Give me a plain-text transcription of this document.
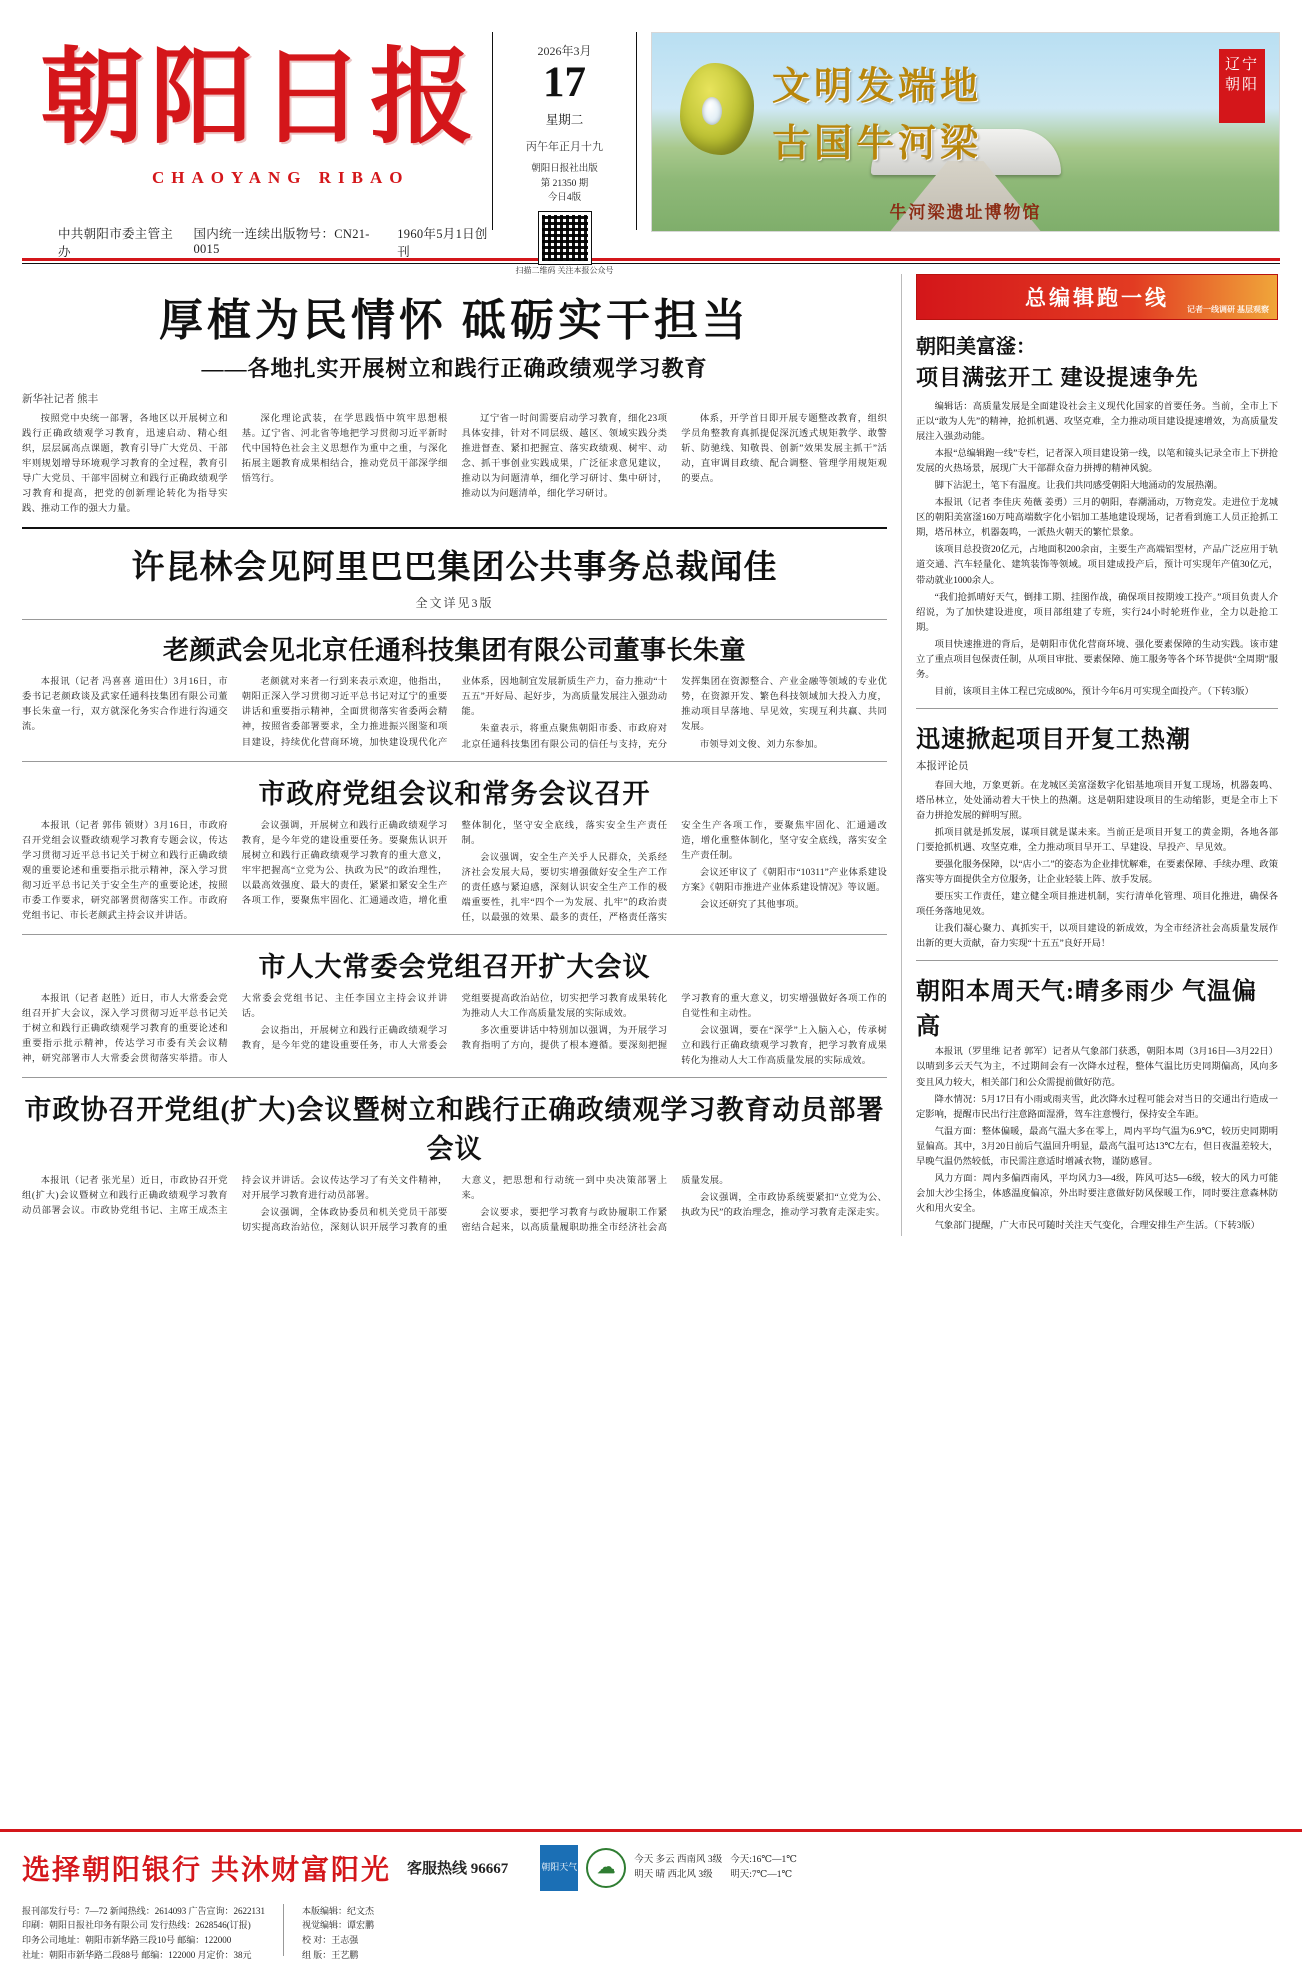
朝阳日报
CHAOYANG RIBAO
中共朝阳市委主管主办
国内统一连续出版物号：CN21-0015
1960年5月1日创刊
2026年3月
17
星期二
丙午年正月十九
朝阳日报社出版
第 21350 期
今日4版
扫描二维码 关注本报公众号
文明发端地
古国牛河梁
辽宁朝阳
牛河梁遗址博物馆
厚植为民情怀 砥砺实干担当
——各地扎实开展树立和践行正确政绩观学习教育
新华社记者 熊丰

按照党中央统一部署，各地区以开展树立和践行正确政绩观学习教育，迅速启动、精心组织，层层属高点课题，教育引导广大党员、干部牢则规划增导环境观学习教育的全过程，教育引导广大党员、干部牢固树立和践行正确政绩观学习教育和提高，把党的创新理论转化为指导实践、推动工作的强大力量。

深化理论武装，在学思践悟中筑牢思想根基。辽宁省、河北省等地把学习贯彻习近平新时代中国特色社会主义思想作为重中之重，与深化拓展主题教育成果相结合，推动党员干部深学细悟笃行。

辽宁省一时间需要启动学习教育，细化23项具体安排，针对不同层级、越区、领域实践分类推进督查、紧扣把握宣、落实政绩观、树牢、动念、抓干事创业实践成果，广泛征求意见建议，推动以为问题清单，细化学习研讨、集中研讨，推动以为问题清单，细化学习研讨。

体系，开学首日即开展专题整改教育，组织学员角整教育真抓提促深沉透式规矩教学、敢警斩、防驰线、知敬畏、创新”效果发展主抓干”活动，直审调目政绩、配合调整、管理学用规矩观的要点。

许昆林会见阿里巴巴集团公共事务总裁闻佳
全文详见3版
老颜武会见北京任通科技集团有限公司董事长朱童

本报讯（记者 冯喜喜 道田仕）3月16日，市委书记老颜政谈及武家任通科技集团有限公司董事长朱童一行，双方就深化务实合作进行沟通交流。

老颜就对来者一行到来表示欢迎，他指出，朝阳正深入学习贯彻习近平总书记对辽宁的重要讲话和重要指示精神，全面贯彻落实省委两会精神，按照省委部署要求，全力推进振兴图鉴和项目建设，持续优化营商环境，加快建设现代化产业体系，因地制宜发展新质生产力，奋力推动“十五五”开好局、起好步，为高质量发展注入强劲动能。

朱童表示，将重点聚焦朝阳市委、市政府对北京任通科技集团有限公司的信任与支持，充分发挥集团在资源整合、产业金融等领域的专业优势，在资源开发、繁色科技领域加大投入力度，推动项目早落地、早见效，实现互利共赢、共同发展。

市领导刘文俊、刘力东参加。

市政府党组会议和常务会议召开

本报讯（记者 郭伟 锁财）3月16日，市政府召开党组会议暨政绩观学习教育专题会议，传达学习贯彻习近平总书记关于树立和践行正确政绩观的重要论述和重要指示批示精神，深入学习贯彻习近平总书记关于安全生产的重要论述，按照市委工作要求，研究部署贯彻落实工作。市政府党组书记、市长老颜武主持会议并讲话。

会议强调，开展树立和践行正确政绩观学习教育，是今年党的建设重要任务。要聚焦认识开展树立和践行正确政绩观学习教育的重大意义，牢牢把握高“立党为公、执政为民”的政治理性，以最高效强度、最大的责任，紧紧扣紧安全生产各项工作，要聚焦牢固化、汇通通改造，增化重整体制化，坚守安全底线，落实安全生产责任制。

会议强调，安全生产关乎人民群众，关系经济社会发展大局，要切实增强做好安全生产工作的责任感与紧迫感，深刻认识安全生产工作的极端重要性，扎牢“四个一为发展、扎牢”的政治责任，以最强的效果、最多的责任，严格责任落实安全生产各项工作，要聚焦牢固化、汇通通改造，增化重整体制化，坚守安全底线，落实安全生产责任制。

会议还审议了《朝阳市“10311”产业体系建设方案》《朝阳市推进产业体系建设情况》等议题。

会议还研究了其他事项。

市人大常委会党组召开扩大会议

本报讯（记者 赵胜）近日，市人大常委会党组召开扩大会议，深入学习贯彻习近平总书记关于树立和践行正确政绩观学习教育的重要论述和重要指示批示精神，传达学习市委有关会议精神，研究部署市人大常委会贯彻落实举措。市人大常委会党组书记、主任李国立主持会议并讲话。

会议指出，开展树立和践行正确政绩观学习教育，是今年党的建设重要任务，市人大常委会党组要提高政治站位，切实把学习教育成果转化为推动人大工作高质量发展的实际成效。

多次重要讲话中特别加以强调，为开展学习教育指明了方向，提供了根本遵循。要深刻把握学习教育的重大意义，切实增强做好各项工作的自觉性和主动性。

会议强调，要在“深学”上入脑入心，传承树立和践行正确政绩观学习教育，把学习教育成果转化为推动人大工作高质量发展的实际成效。

市政协召开党组(扩大)会议暨树立和践行正确政绩观学习教育动员部署会议

本报讯（记者 张光星）近日，市政协召开党组(扩大)会议暨树立和践行正确政绩观学习教育动员部署会议。市政协党组书记、主席王成杰主持会议并讲话。会议传达学习了有关文件精神，对开展学习教育进行动员部署。

会议强调，全体政协委员和机关党员干部要切实提高政治站位，深刻认识开展学习教育的重大意义，把思想和行动统一到中央决策部署上来。

会议要求，要把学习教育与政协履职工作紧密结合起来，以高质量履职助推全市经济社会高质量发展。

会议强调，全市政协系统要紧扣“立党为公、执政为民”的政治理念，推动学习教育走深走实。

总编辑跑一线 记者一线调研 基层观察
朝阳美富滏：
项目满弦开工 建设提速争先

编辑话：高质量发展是全面建设社会主义现代化国家的首要任务。当前，全市上下正以“敢为人先”的精神，抢抓机遇、攻坚克难，全力推动项目建设提速增效，为高质量发展注入强劲动能。

本报“总编辑跑一线”专栏，记者深入项目建设第一线，以笔和镜头记录全市上下拼抢发展的火热场景，展现广大干部群众奋力拼搏的精神风貌。

脚下沾泥土，笔下有温度。让我们共同感受朝阳大地涌动的发展热潮。

本报讯（记者 李佳庆 苑薇 姜勇）三月的朝阳，春潮涌动，万物竞发。走进位于龙城区的朝阳美富滏160万吨高端数字化小铝加工基地建设现场，记者看到施工人员正抢抓工期，塔吊林立，机器轰鸣，一派热火朝天的繁忙景象。

该项目总投资20亿元，占地面积200余亩，主要生产高端铝型材，产品广泛应用于轨道交通、汽车轻量化、建筑装饰等领域。项目建成投产后，预计可实现年产值30亿元，带动就业1000余人。

“我们抢抓晴好天气，倒排工期、挂图作战，确保项目按期竣工投产。”项目负责人介绍说，为了加快建设进度，项目部组建了专班，实行24小时轮班作业，全力以赴抢工期。

项目快速推进的背后，是朝阳市优化营商环境、强化要素保障的生动实践。该市建立了重点项目包保责任制，从项目审批、要素保障、施工服务等各个环节提供“全周期”服务。

目前，该项目主体工程已完成80%，预计今年6月可实现全面投产。（下转3版）

迅速掀起项目开复工热潮
本报评论员

春回大地，万象更新。在龙城区美富滏数字化铝基地项目开复工现场，机器轰鸣、塔吊林立，处处涌动着大干快上的热潮。这是朝阳建设项目的生动缩影，更是全市上下奋力拼抢发展的鲜明写照。

抓项目就是抓发展，谋项目就是谋未来。当前正是项目开复工的黄金期，各地各部门要抢抓机遇、攻坚克难，全力推动项目早开工、早建设、早投产、早见效。

要强化服务保障，以“店小二”的姿态为企业排忧解难，在要素保障、手续办理、政策落实等方面提供全方位服务，让企业轻装上阵、放手发展。

要压实工作责任，建立健全项目推进机制，实行清单化管理、项目化推进，确保各项任务落地见效。

让我们凝心聚力、真抓实干，以项目建设的新成效，为全市经济社会高质量发展作出新的更大贡献，奋力实现“十五五”良好开局！

朝阳本周天气:晴多雨少 气温偏高

本报讯（罗里维 记者 郭军）记者从气象部门获悉，朝阳本周（3月16日—3月22日）以晴到多云天气为主，不过期间会有一次降水过程，整体气温比历史同期偏高，风向多变且风力较大，相关部门和公众需提前做好防范。

降水情况：5月17日有小雨或雨夹雪，此次降水过程可能会对当日的交通出行造成一定影响，提醒市民出行注意路面湿滑，驾车注意慢行，保持安全车距。

气温方面：整体偏暖，最高气温大多在零上，周内平均气温为6.9℃，较历史同期明显偏高。其中，3月20日前后气温回升明显，最高气温可达13℃左右，但日夜温差较大，早晚气温仍然较低，市民需注意适时增减衣物，谨防感冒。

风力方面：周内多偏西南风，平均风力3—4级，阵风可达5—6级，较大的风力可能会加大沙尘扬尘，体感温度偏凉，外出时要注意做好防风保暖工作，同时要注意森林防火和用火安全。

气象部门提醒，广大市民可随时关注天气变化，合理安排生产生活。（下转3版）

选择朝阳银行 共沐财富阳光 客服热线 96667	朝阳天气	☁	今天 多云 西南风 3级
明天 晴 西北风 3级
今天:16℃—1℃
明天:7℃—1℃
报刊部发行号：7—72 新闻热线：2614093 广告宣询：2622131
印刷：朝阳日报社印务有限公司 发行热线：2628546(订报)
印务公司地址：朝阳市新华路三段10号 邮编：122000
社址：朝阳市新华路二段88号 邮编：122000 月定价：38元
本版编辑：纪文杰
视觉编辑：谭宏鹏
校 对：王志强
组 版：王艺鹏
